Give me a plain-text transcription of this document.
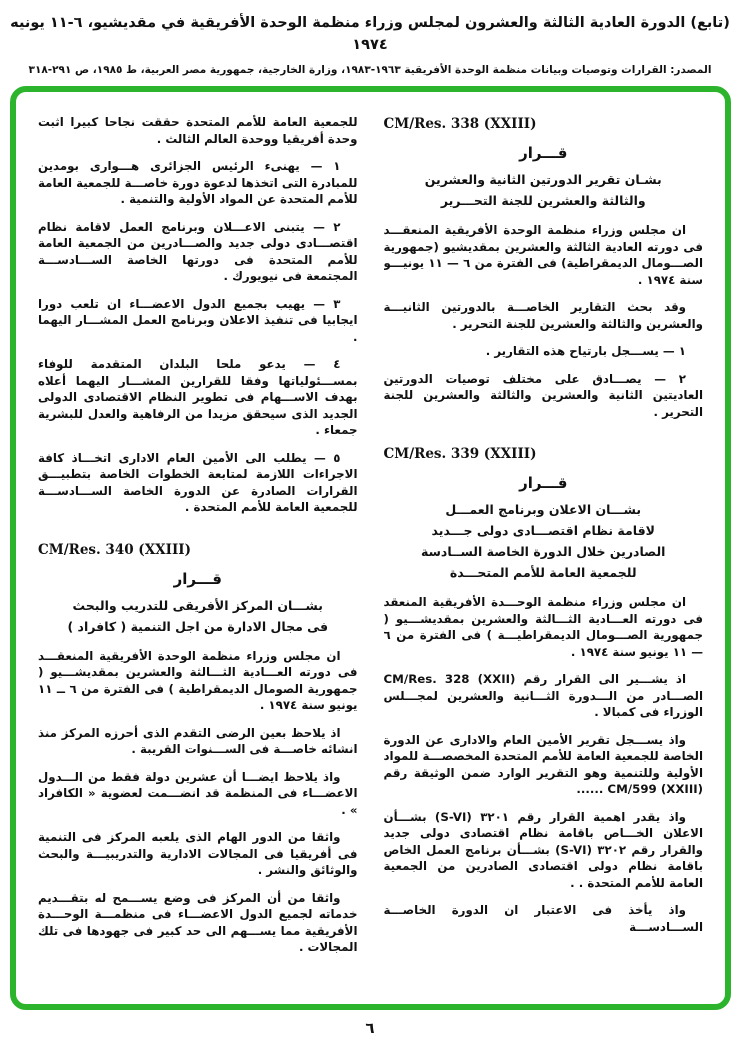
(تابع) الدورة العادية الثالثة والعشرون لمجلس وزراء منظمة الوحدة الأفريقية في مقديشيو، ٦-١١ يونيه ١٩٧٤
المصدر: القرارات وتوصيات وبيانات منظمة الوحدة الأفريقية ١٩٦٣-١٩٨٣، وزارة الخارجية، جمهورية مصر العربية، ط ١٩٨٥، ص ٢٩١-٣١٨
CM/Res. 338 (XXIII)
قـــرار
بشـان تقرير الدورتين الثانية والعشرين
والثالثة والعشرين للجنة التحـــرير

ان مجلس وزراء منظمة الوحدة الأفريقية المنعقـــد فى دورته العادية الثالثة والعشرين بمقديشيو (جمهورية الصـــومال الديمقراطية) فى الفترة من ٦ — ١١ يونيـــو سنة ١٩٧٤ .

وقد بحث التقارير الخاصـــة بالدورتين الثانيـــة والعشرين والثالثة والعشرين للجنة التحرير .

١ — يســـجل بارتياح هذه التقارير .

٢ — يصـــادق على مختلف توصيات الدورتين العاديتين الثانية والعشرين والثالثة والعشرين للجنة التحرير .

CM/Res. 339 (XXIII)
قـــرار
بشـــان الاعلان وبرنامج العمـــل
لاقامة نظام اقتصـــادى دولى جـــديد
الصادرين خلال الدورة الخاصة الســادسة
للجمعية العامة للأمم المتحـــدة

ان مجلس وزراء منظمة الوحـــدة الأفريقية المنعقد فى دورته العـــادية الثـــالثة والعشرين بمقديشـــيو ( جمهورية الصـــومال الديمقراطيـــة ) فى الفترة من ٦ — ١١ يونيو سنة ١٩٧٤ .

اذ يشـــير الى القرار رقم CM/Res. 328 (XXII) الصـــادر من الـــدورة الثـــانية والعشرين لمجـــلس الوزراء فى كمبالا .

واذ يســـجل تقرير الأمين العام والادارى عن الدورة الخاصة للجمعية العامة للأمم المتحدة المخصصـــة للمواد الأولية وللتنمية وهو التقرير الوارد ضمن الوثيقة رقم CM/599 (XXIII) ......

واذ يقدر اهمية القرار رقم ٣٢٠١ (S-VI) بشـــأن الاعلان الخـــاص باقامة نظام اقتصادى دولى جديد والقرار رقم ٣٢٠٢ (S-VI) بشـــأن برنامج العمل الخاص باقامة نظام دولى اقتصادى الصادرين من الجمعية العامة للأمم المتحدة . .

واذ يأخذ فى الاعتبار ان الدورة الخاصـــة الســـادســـة

للجمعية العامة للأمم المتحدة حققت نجاحا كبيرا اثبت وحدة أفريقيا ووحدة العالم الثالث .

١ — يهنىء الرئيس الجزائرى هـــوارى بومدين للمبادرة التى اتخذها لدعوة دورة خاصـــة للجمعية العامة للأمم المتحدة عن المواد الأولية والتنمية .

٢ — يتبنى الاعـــلان وبرنامج العمل لاقامة نظام اقتصـــادى دولى جديد والصـــادرين من الجمعية العامة للأمم المتحدة فى دورتها الخاصة الســـادســـة المجتمعة فى نيويورك .

٣ — يهيب بجميع الدول الاعضـــاء ان تلعب دورا ايجابيا فى تنفيذ الاعلان وبرنامج العمل المشـــار اليهما .

٤ — يدعو ملحا البلدان المتقدمة للوفاء بمســـئولياتها وفقا للقرارين المشـــار اليهما أعلاه بهدف الاســـهام فى تطوير النظام الاقتصادى الدولى الجديد الذى سيحقق مزيدا من الرفاهية والعدل للبشرية جمعاء .

٥ — يطلب الى الأمين العام الادارى اتخـــاذ كافة الاجراءات اللازمة لمتابعة الخطوات الخاصة بتطبيـــق القرارات الصادرة عن الدورة الخاصة الســـادســـة للجمعية العامة للأمم المتحدة .

CM/Res. 340 (XXIII)
قـــرار
بشـــان المركز الأفريقى للتدريب والبحث
فى مجال الادارة من اجل التنمية ( كافراد )

ان مجلس وزراء منظمة الوحدة الأفريقية المنعقـــد فى دورته العـــادية الثـــالثة والعشرين بمقديشـــيو ( جمهورية الصومال الديمقراطية ) فى الفترة من ٦ ــ ١١ يونيو سنة ١٩٧٤ .

اذ يلاحظ بعين الرضى التقدم الذى أحرزه المركز منذ انشائه خاصـــة فى الســـنوات القريبة .

واذ يلاحظ ايضـــا أن عشرين دولة فقط من الـــدول الاعضـــاء فى المنظمة قد انضـــمت لعضوية « الكافراد » .

واثقا من الدور الهام الذى يلعبه المركز فى التنمية فى أفريقيا فى المجالات الادارية والتدريبيـــة والبحث والوثائق والنشر .

واثقا من أن المركز فى وضع يســـمح له بتقـــديم خدماته لجميع الدول الاعضـــاء فى منظمـــة الوحـــدة الأفريقية مما يســـهم الى حد كبير فى جهودها فى تلك المجالات .

٦
